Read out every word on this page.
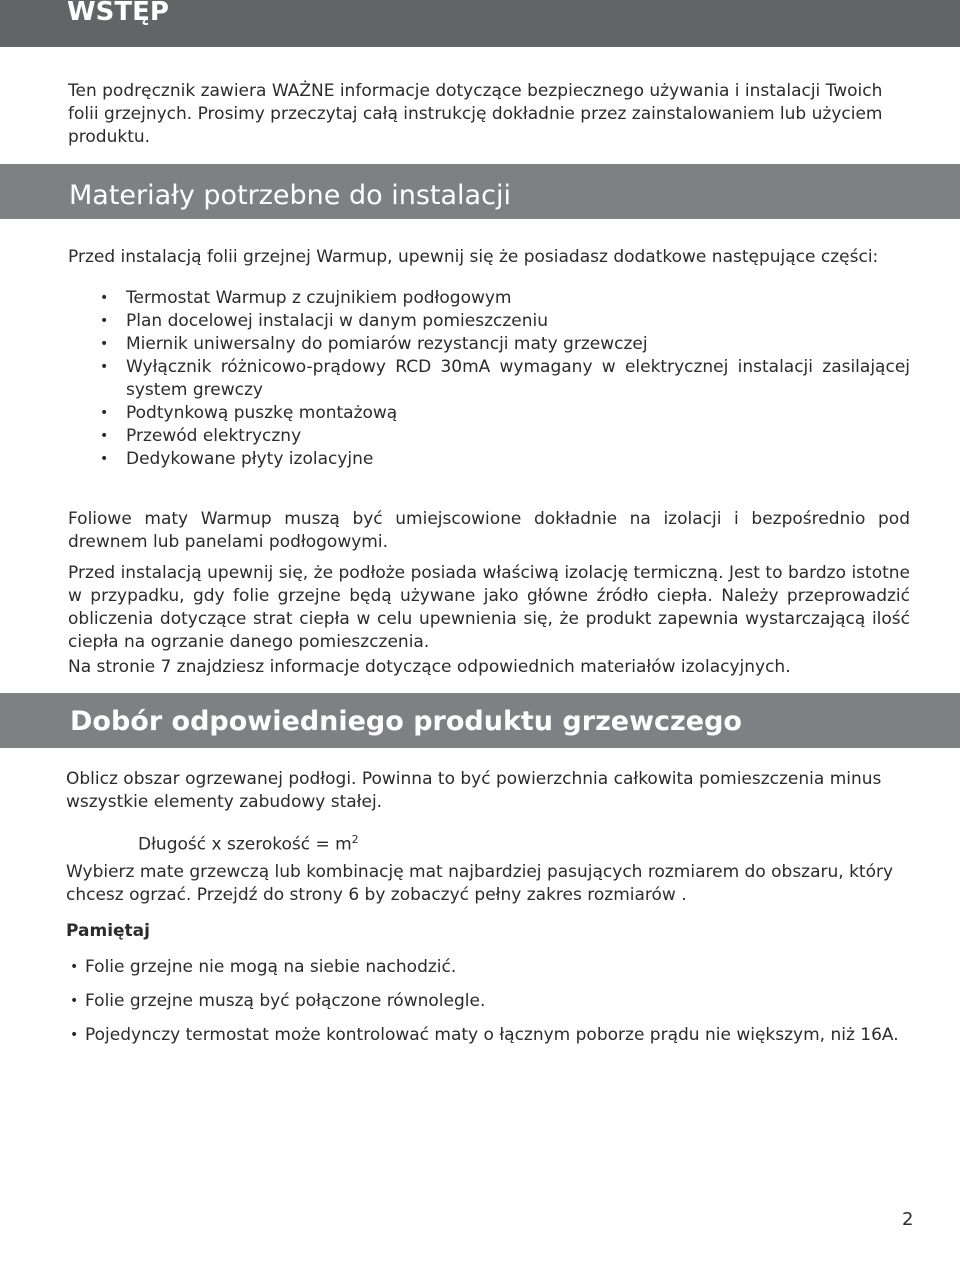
WSTĘP

Ten podręcznik zawiera WAŻNE informacje dotyczące bezpiecznego używania i instalacji Twoich folii grzejnych. Prosimy przeczytaj całą instrukcję dokładnie przez zainstalowaniem lub użyciem produktu.

Materiały potrzebne do instalacji

Przed instalacją folii grzejnej Warmup, upewnij się że posiadasz dodatkowe następujące części:

• Termostat Warmup z czujnikiem podłogowym
• Plan docelowej instalacji w danym pomieszczeniu
• Miernik uniwersalny do pomiarów rezystancji maty grzewczej
• Wyłącznik różnicowo-prądowy RCD 30mA wymagany w elektrycznej instalacji zasilającej system grewczy
• Podtynkową puszkę montażową
• Przewód elektryczny
• Dedykowane płyty izolacyjne

Foliowe maty Warmup muszą być umiejscowione dokładnie na izolacji i bezpośrednio pod drewnem lub panelami podłogowymi.

Przed instalacją upewnij się, że podłoże posiada właściwą izolację termiczną. Jest to bardzo istotne w przypadku, gdy folie grzejne będą używane jako główne źródło ciepła. Należy przeprowadzić obliczenia dotyczące strat ciepła w celu upewnienia się, że produkt zapewnia wystarczającą ilość ciepła na ogrzanie danego pomieszczenia.

Na stronie 7 znajdziesz informacje dotyczące odpowiednich materiałów izolacyjnych.

Dobór odpowiedniego produktu grzewczego

Oblicz obszar ogrzewanej podłogi. Powinna to być powierzchnia całkowita pomieszczenia minus wszystkie elementy zabudowy stałej.

Długość x szerokość = $m^2$

Wybierz mate grzewczą lub kombinację mat najbardziej pasujących rozmiarem do obszaru, który chcesz ogrzać. Przejdź do strony 6 by zobaczyć pełny zakres rozmiarów .

Pamiętaj

• Folie grzejne nie mogą na siebie nachodzić.
• Folie grzejne muszą być połączone równolegle.
• Pojedynczy termostat może kontrolować maty o łącznym poborze prądu nie większym, niż 16A.
2
